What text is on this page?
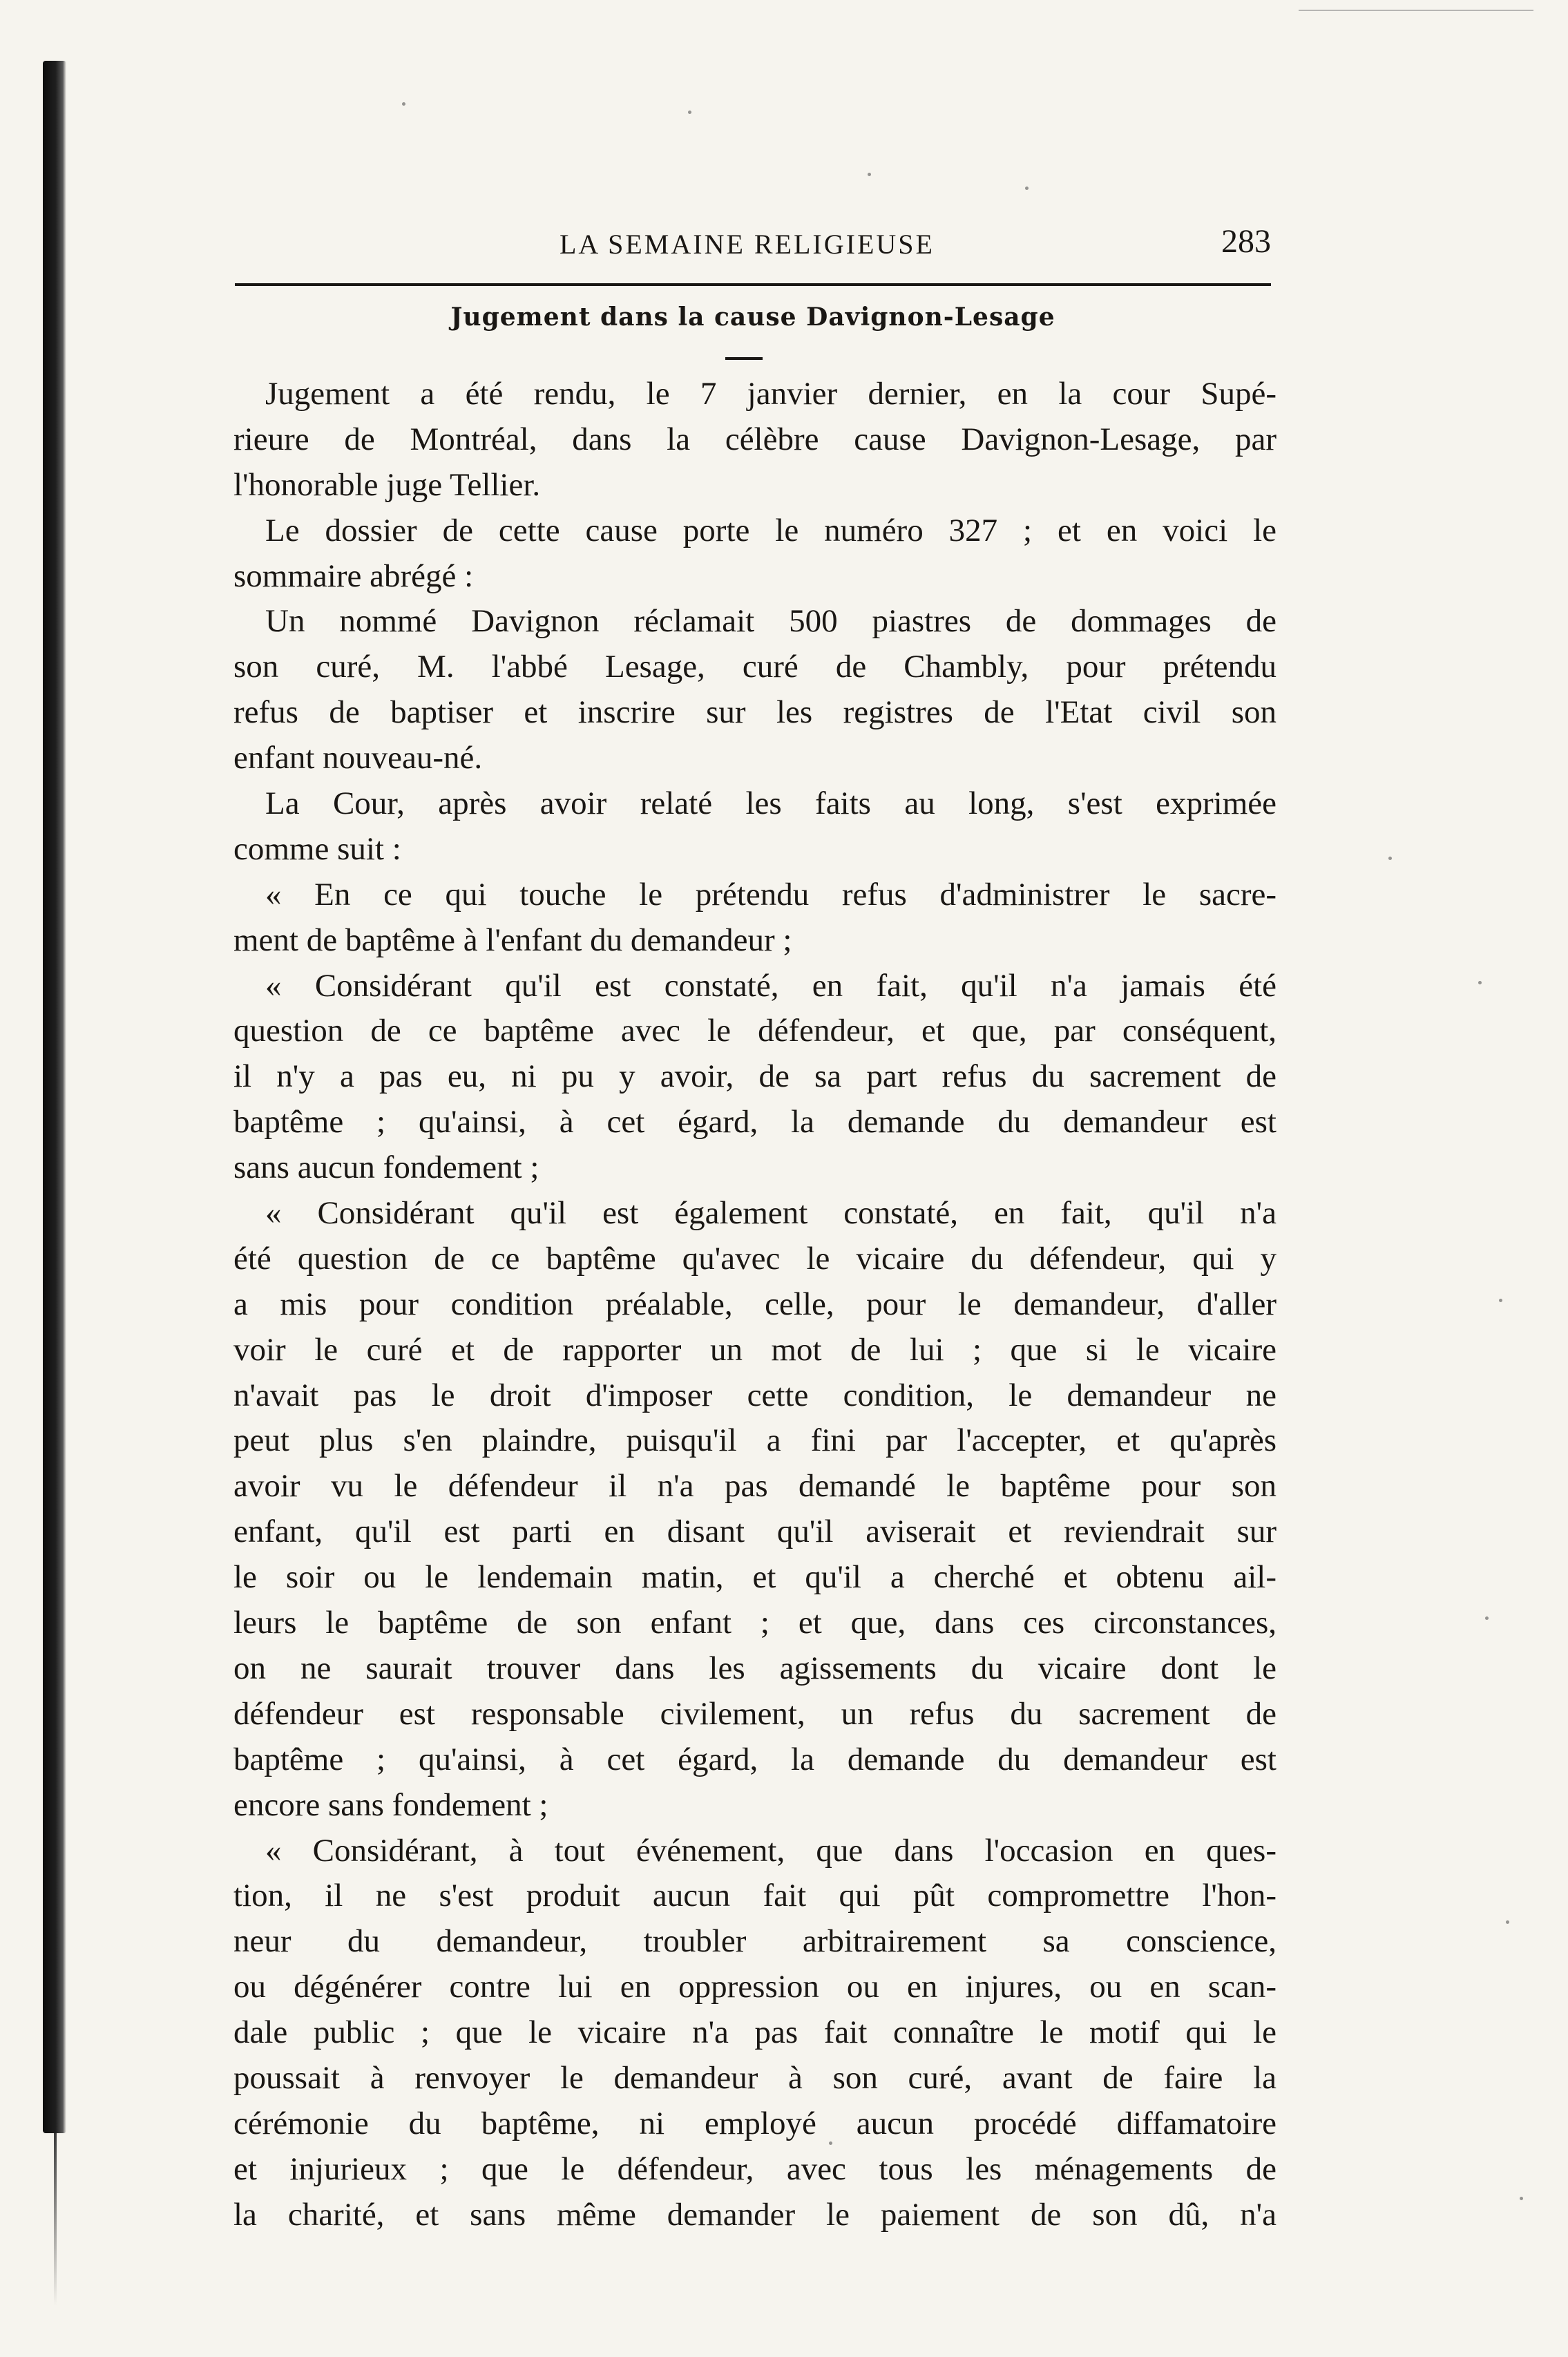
LA SEMAINE RELIGIEUSE	283
Jugement dans la cause Davignon-Lesage
Jugement a été rendu, le 7 janvier dernier, en la cour Supé-
rieure de Montréal, dans la célèbre cause Davignon-Lesage, par
l'honorable juge Tellier.
Le dossier de cette cause porte le numéro 327 ; et en voici le
sommaire abrégé :
Un nommé Davignon réclamait 500 piastres de dommages de
son curé, M. l'abbé Lesage, curé de Chambly, pour prétendu
refus de baptiser et inscrire sur les registres de l'Etat civil son
enfant nouveau-né.
La Cour, après avoir relaté les faits au long, s'est exprimée
comme suit :
« En ce qui touche le prétendu refus d'administrer le sacre-
ment de baptême à l'enfant du demandeur ;
« Considérant qu'il est constaté, en fait, qu'il n'a jamais été
question de ce baptême avec le défendeur, et que, par conséquent,
il n'y a pas eu, ni pu y avoir, de sa part refus du sacrement de
baptême ; qu'ainsi, à cet égard, la demande du demandeur est
sans aucun fondement ;
« Considérant qu'il est également constaté, en fait, qu'il n'a
été question de ce baptême qu'avec le vicaire du défendeur, qui y
a mis pour condition préalable, celle, pour le demandeur, d'aller
voir le curé et de rapporter un mot de lui ; que si le vicaire
n'avait pas le droit d'imposer cette condition, le demandeur ne
peut plus s'en plaindre, puisqu'il a fini par l'accepter, et qu'après
avoir vu le défendeur il n'a pas demandé le baptême pour son
enfant, qu'il est parti en disant qu'il aviserait et reviendrait sur
le soir ou le lendemain matin, et qu'il a cherché et obtenu ail-
leurs le baptême de son enfant ; et que, dans ces circonstances,
on ne saurait trouver dans les agissements du vicaire dont le
défendeur est responsable civilement, un refus du sacrement de
baptême ; qu'ainsi, à cet égard, la demande du demandeur est
encore sans fondement ;
« Considérant, à tout événement, que dans l'occasion en ques-
tion, il ne s'est produit aucun fait qui pût compromettre l'hon-
neur du demandeur, troubler arbitrairement sa conscience,
ou dégénérer contre lui en oppression ou en injures, ou en scan-
dale public ; que le vicaire n'a pas fait connaître le motif qui le
poussait à renvoyer le demandeur à son curé, avant de faire la
cérémonie du baptême, ni employé aucun procédé diffamatoire
et injurieux ; que le défendeur, avec tous les ménagements de
la charité, et sans même demander le paiement de son dû, n'a
